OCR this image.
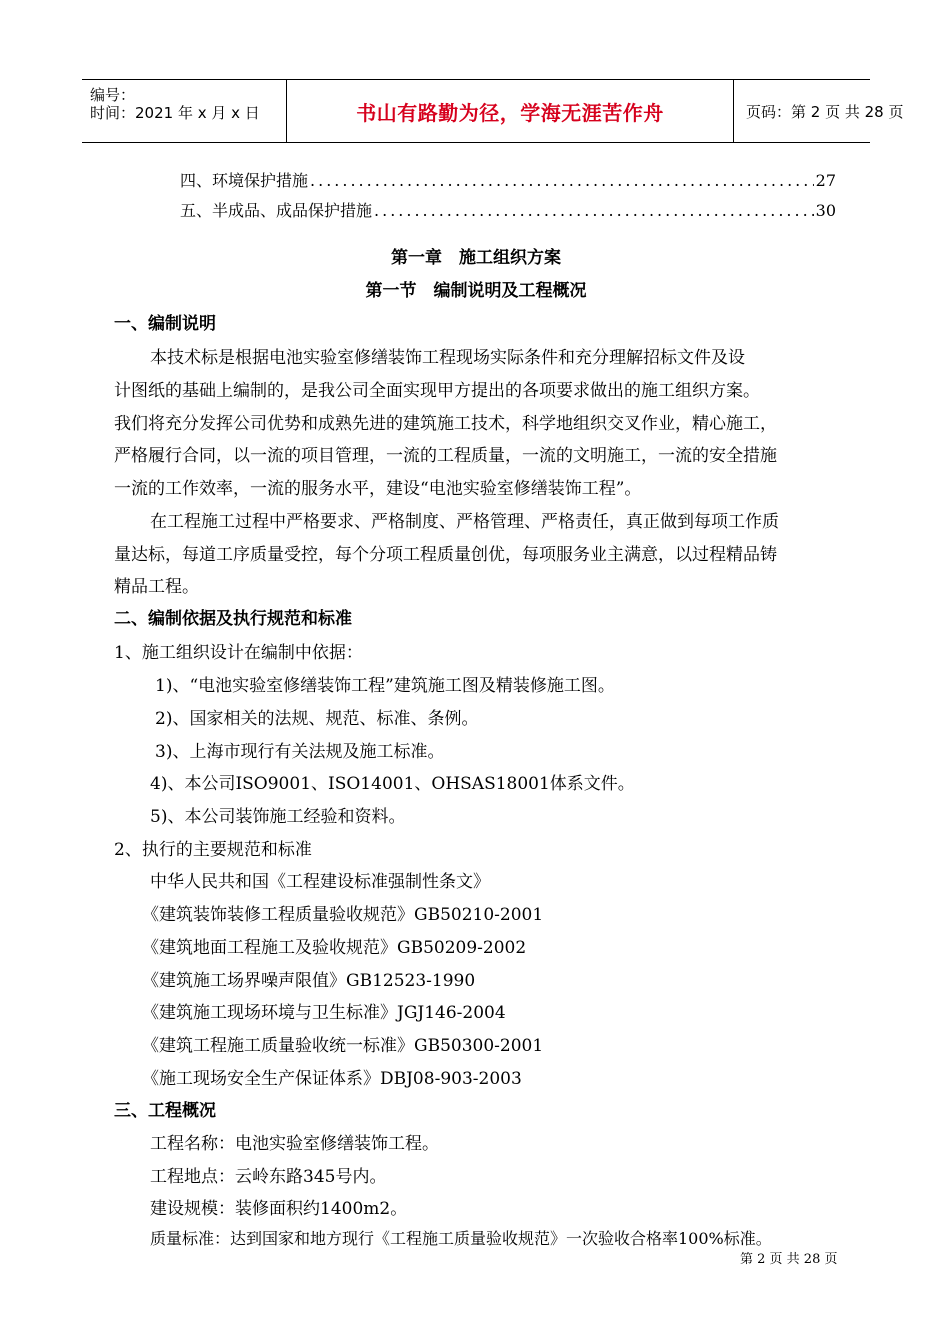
编号：
时间：2021 年 x 月 x 日	书山有路勤为径，学海无涯苦作舟	页码：第 2 页 共 28 页
四、环境保护措施 .....	27
五、半成品、成品保护措施 .....	30
第一章　施工组织方案
第一节　编制说明及工程概况
一、编制说明
本技术标是根据电池实验室修缮装饰工程现场实际条件和充分理解招标文件及设
计图纸的基础上编制的，是我公司全面实现甲方提出的各项要求做出的施工组织方案。
我们将充分发挥公司优势和成熟先进的建筑施工技术，科学地组织交叉作业，精心施工，
严格履行合同，以一流的项目管理，一流的工程质量，一流的文明施工，一流的安全措施
一流的工作效率，一流的服务水平，建设“电池实验室修缮装饰工程”。
在工程施工过程中严格要求、严格制度、严格管理、严格责任，真正做到每项工作质
量达标，每道工序质量受控，每个分项工程质量创优，每项服务业主满意，以过程精品铸
精品工程。
二、编制依据及执行规范和标准
1、施工组织设计在编制中依据：
1)、“电池实验室修缮装饰工程”建筑施工图及精装修施工图。
2)、国家相关的法规、规范、标准、条例。
3)、上海市现行有关法规及施工标准。
4)、本公司ISO9001、ISO14001、OHSAS18001体系文件。
5)、本公司装饰施工经验和资料。
2、执行的主要规范和标准
中华人民共和国《工程建设标准强制性条文》
《建筑装饰装修工程质量验收规范》GB50210-2001
《建筑地面工程施工及验收规范》GB50209-2002
《建筑施工场界噪声限值》GB12523-1990
《建筑施工现场环境与卫生标准》JGJ146-2004
《建筑工程施工质量验收统一标准》GB50300-2001
《施工现场安全生产保证体系》DBJ08-903-2003
三、工程概况
工程名称：电池实验室修缮装饰工程。
工程地点：云岭东路345号内。
建设规模：装修面积约1400m2。
质量标准：达到国家和地方现行《工程施工质量验收规范》一次验收合格率100%标准。
第 2 页 共 28 页
